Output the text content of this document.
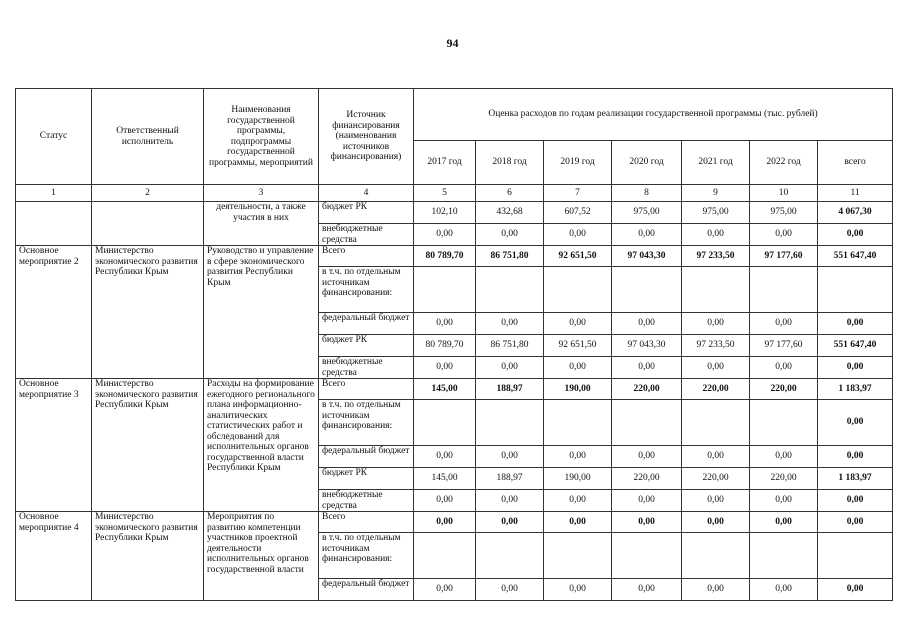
94
Статус	Ответственный исполнитель	Наименования государственной программы, подпрограммы государственной программы, мероприятий	Источник финансирования (наименования источников финансирования)	Оценка расходов по годам реализации государственной программы (тыс. рублей)						
				2017 год	2018 год	2019 год	2020 год	2021 год	2022 год	всего
1	2	3	4	5	6	7	8	9	10	11
		деятельности, а также участия в них	бюджет РК	102,10	432,68	607,52	975,00	975,00	975,00	4 067,30
			внебюджетные средства	0,00	0,00	0,00	0,00	0,00	0,00	0,00
Основное мероприятие 2	Министерство экономического развития Республики Крым	Руководство и управление в сфере экономического развития Республики Крым	Всего	80 789,70	86 751,80	92 651,50	97 043,30	97 233,50	97 177,60	551 647,40
			в т.ч. по отдельным источникам финансирования:							
			федеральный бюджет	0,00	0,00	0,00	0,00	0,00	0,00	0,00
			бюджет РК	80 789,70	86 751,80	92 651,50	97 043,30	97 233,50	97 177,60	551 647,40
			внебюджетные средства	0,00	0,00	0,00	0,00	0,00	0,00	0,00
Основное мероприятие 3	Министерство экономического развития Республики Крым	Расходы на формирование ежегодного регионального плана информационно-аналитических статистических работ и обследований для исполнительных органов государственной власти Республики Крым	Всего	145,00	188,97	190,00	220,00	220,00	220,00	1 183,97
			в т.ч. по отдельным источникам финансирования:							0,00
			федеральный бюджет	0,00	0,00	0,00	0,00	0,00	0,00	0,00
			бюджет РК	145,00	188,97	190,00	220,00	220,00	220,00	1 183,97
			внебюджетные средства	0,00	0,00	0,00	0,00	0,00	0,00	0,00
Основное мероприятие 4	Министерство экономического развития Республики Крым	Мероприятия по развитию компетенции участников проектной деятельности исполнительных органов государственной власти	Всего	0,00	0,00	0,00	0,00	0,00	0,00	0,00
			в т.ч. по отдельным источникам финансирования:							
			федеральный бюджет	0,00	0,00	0,00	0,00	0,00	0,00	0,00
